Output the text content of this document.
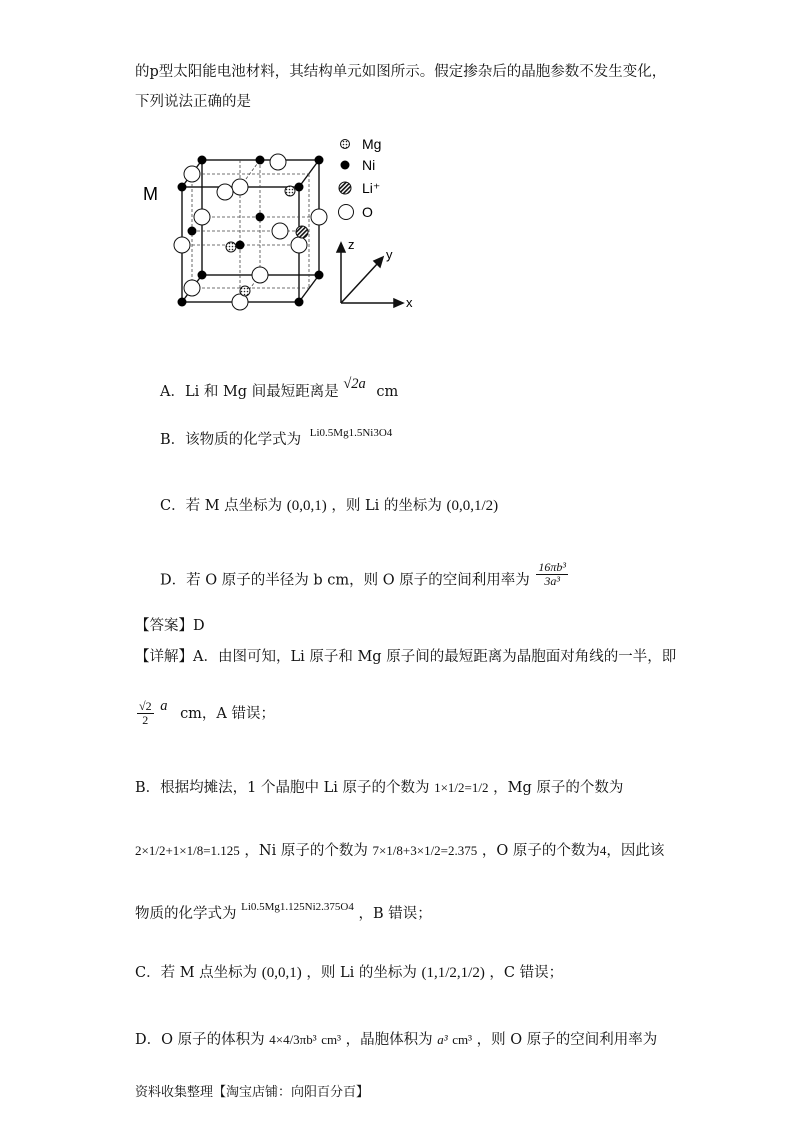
的p型太阳能电池材料，其结构单元如图所示。假定掺杂后的晶胞参数不发生变化，
下列说法正确的是
M
Mg
Ni
Li⁺
O
z
y
x
A．Li 和 Mg 间最短距离是 √2a cm
B．该物质的化学式为 Li0.5Mg1.5Ni3O4
C．若 M 点坐标为 (0,0,1) ，则 Li 的坐标为 (0,0,1/2)
D．若 O 原子的半径为 b cm，则 O 原子的空间利用率为 $\frac{\text{16πb³}}{\text{3a³}}$
【答案】D
【详解】A．由图可知，Li 原子和 Mg 原子间的最短距离为晶胞面对角线的一半，即
$\frac{√2}{2}$ a cm，A 错误；
B．根据均摊法，1 个晶胞中 Li 原子的个数为 1×1/2=1/2 ，Mg 原子的个数为
2×1/2+1×1/8=1.125 ，Ni 原子的个数为 7×1/8+3×1/2=2.375 ，O 原子的个数为4，因此该
物质的化学式为 $^{Li0.5Mg1.125Ni2.375O4}$ ，B 错误；
C．若 M 点坐标为 (0,0,1) ，则 Li 的坐标为 (1,1/2,1/2) ，C 错误；
D．O 原子的体积为 4×4/3πb³ cm³ ，晶胞体积为 a³ cm³ ，则 O 原子的空间利用率为
资料收集整理【淘宝店铺：向阳百分百】
